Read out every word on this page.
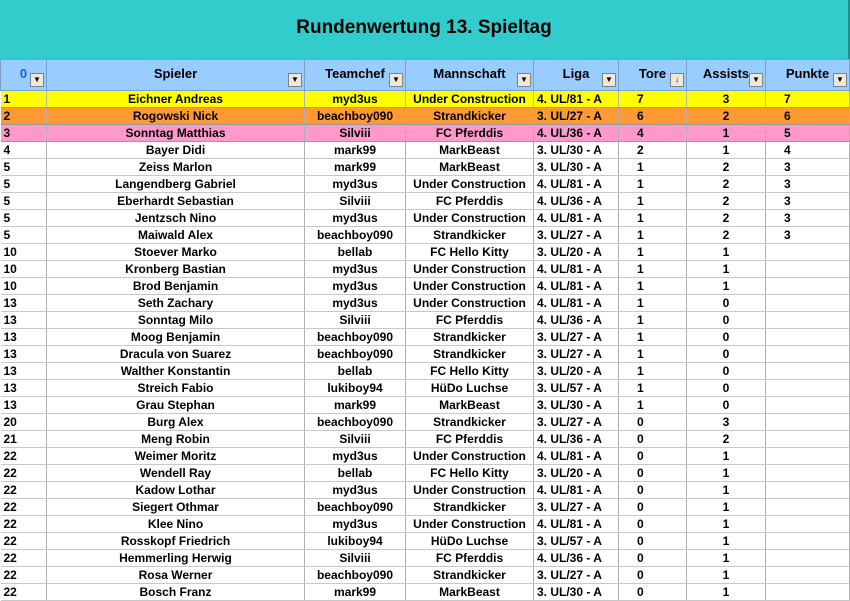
Rundenwertung 13. Spieltag
0 ▼	Spieler ▼	Teamchef ▼	Mannschaft ▼	Liga ▼	Tore ↓	Assists ▼	Punkte ▼

1	Eichner Andreas	myd3us	Under Construction	4. UL/81 - A	7	3	7
2	Rogowski Nick	beachboy090	Strandkicker	3. UL/27 - A	6	2	6
3	Sonntag Matthias	Silviii	FC Pferddis	4. UL/36 - A	4	1	5
4	Bayer Didi	mark99	MarkBeast	3. UL/30 - A	2	1	4
5	Zeiss Marlon	mark99	MarkBeast	3. UL/30 - A	1	2	3
5	Langendberg Gabriel	myd3us	Under Construction	4. UL/81 - A	1	2	3
5	Eberhardt Sebastian	Silviii	FC Pferddis	4. UL/36 - A	1	2	3
5	Jentzsch Nino	myd3us	Under Construction	4. UL/81 - A	1	2	3
5	Maiwald Alex	beachboy090	Strandkicker	3. UL/27 - A	1	2	3
10	Stoever Marko	bellab	FC Hello Kitty	3. UL/20 - A	1	1	
10	Kronberg Bastian	myd3us	Under Construction	4. UL/81 - A	1	1	
10	Brod Benjamin	myd3us	Under Construction	4. UL/81 - A	1	1	
13	Seth Zachary	myd3us	Under Construction	4. UL/81 - A	1	0	
13	Sonntag Milo	Silviii	FC Pferddis	4. UL/36 - A	1	0	
13	Moog Benjamin	beachboy090	Strandkicker	3. UL/27 - A	1	0	
13	Dracula von Suarez	beachboy090	Strandkicker	3. UL/27 - A	1	0	
13	Walther Konstantin	bellab	FC Hello Kitty	3. UL/20 - A	1	0	
13	Streich Fabio	lukiboy94	HüDo Luchse	3. UL/57 - A	1	0	
13	Grau Stephan	mark99	MarkBeast	3. UL/30 - A	1	0	
20	Burg Alex	beachboy090	Strandkicker	3. UL/27 - A	0	3	
21	Meng Robin	Silviii	FC Pferddis	4. UL/36 - A	0	2	
22	Weimer Moritz	myd3us	Under Construction	4. UL/81 - A	0	1	
22	Wendell Ray	bellab	FC Hello Kitty	3. UL/20 - A	0	1	
22	Kadow Lothar	myd3us	Under Construction	4. UL/81 - A	0	1	
22	Siegert Othmar	beachboy090	Strandkicker	3. UL/27 - A	0	1	
22	Klee Nino	myd3us	Under Construction	4. UL/81 - A	0	1	
22	Rosskopf Friedrich	lukiboy94	HüDo Luchse	3. UL/57 - A	0	1	
22	Hemmerling Herwig	Silviii	FC Pferddis	4. UL/36 - A	0	1	
22	Rosa Werner	beachboy090	Strandkicker	3. UL/27 - A	0	1	
22	Bosch Franz	mark99	MarkBeast	3. UL/30 - A	0	1	
